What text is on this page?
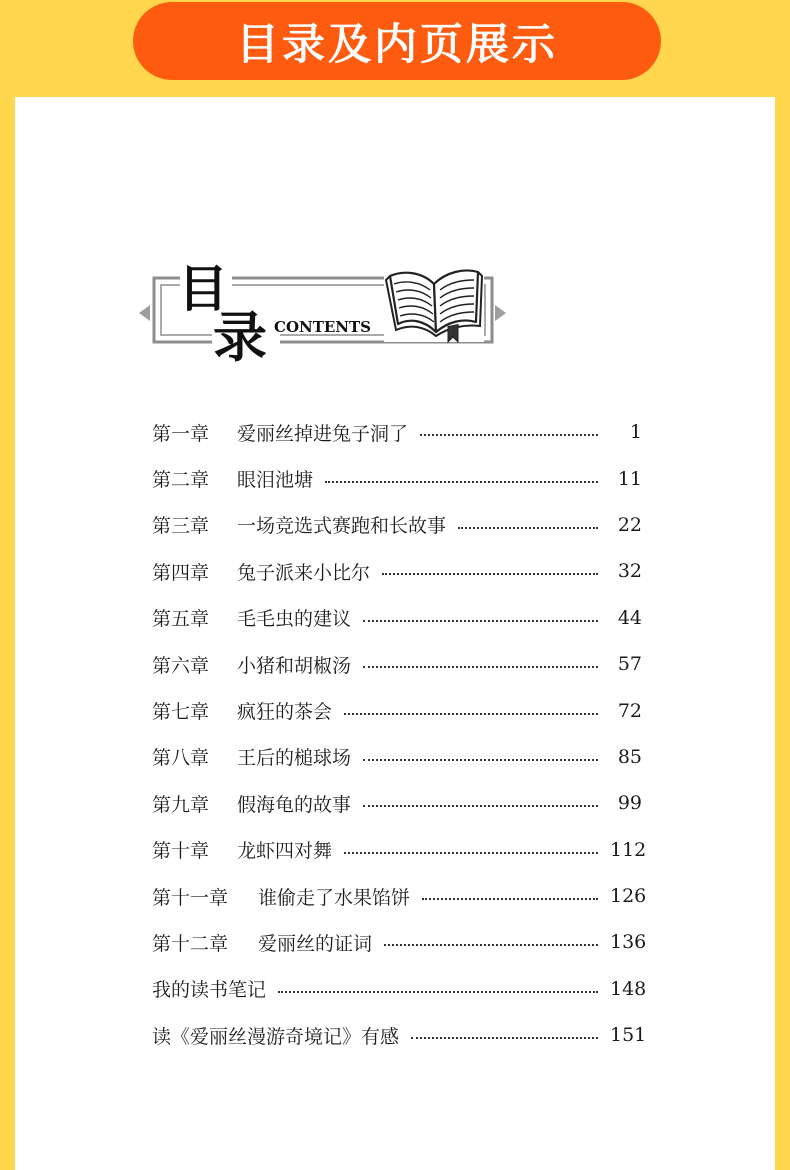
目录及内页展示
目
录 CONTENTS
第一章	爱丽丝掉进兔子洞了	1
第二章	眼泪池塘	11
第三章	一场竞选式赛跑和长故事	22
第四章	兔子派来小比尔	32
第五章	毛毛虫的建议	44
第六章	小猪和胡椒汤	57
第七章	疯狂的茶会	72
第八章	王后的槌球场	85
第九章	假海龟的故事	99
第十章	龙虾四对舞	112
第十一章	谁偷走了水果馅饼	126
第十二章	爱丽丝的证词	136
我的读书笔记	148
读《爱丽丝漫游奇境记》有感	151
